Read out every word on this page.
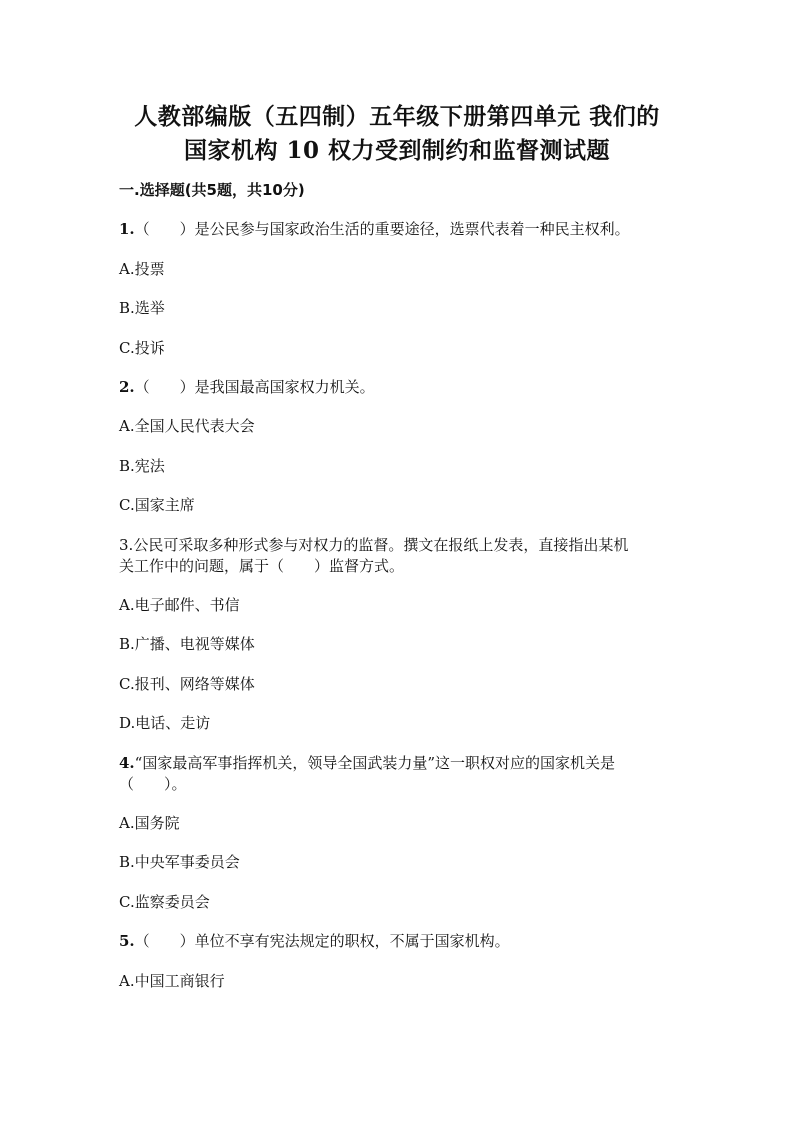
人教部编版（五四制）五年级下册第四单元 我们的
国家机构 10 权力受到制约和监督测试题
一.选择题(共5题，共10分)
1.（　　）是公民参与国家政治生活的重要途径，选票代表着一种民主权利。
A.投票
B.选举
C.投诉
2.（　　）是我国最高国家权力机关。
A.全国人民代表大会
B.宪法
C.国家主席
3.公民可采取多种形式参与对权力的监督。撰文在报纸上发表，直接指出某机
关工作中的问题，属于（　　）监督方式。
A.电子邮件、书信
B.广播、电视等媒体
C.报刊、网络等媒体
D.电话、走访
4.“国家最高军事指挥机关，领导全国武装力量”这一职权对应的国家机关是
（　　）。
A.国务院
B.中央军事委员会
C.监察委员会
5.（　　）单位不享有宪法规定的职权，不属于国家机构。
A.中国工商银行
